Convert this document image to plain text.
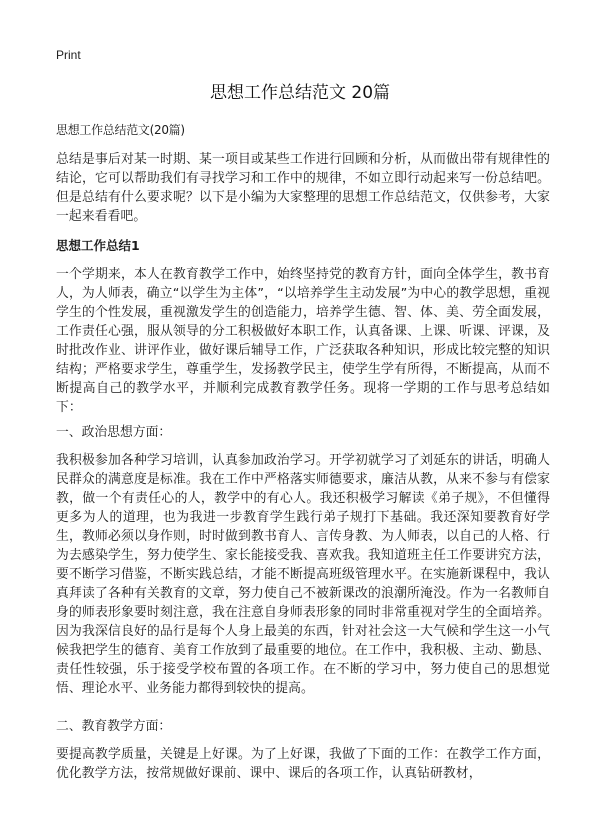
Print
思想工作总结范文 20篇
思想工作总结范文(20篇)

总结是事后对某一时期、某一项目或某些工作进行回顾和分析，从而做出带有规律性的结论，它可以帮助我们有寻找学习和工作中的规律，不如立即行动起来写一份总结吧。但是总结有什么要求呢？以下是小编为大家整理的思想工作总结范文，仅供参考，大家一起来看看吧。

思想工作总结1

一个学期来，本人在教育教学工作中，始终坚持党的教育方针，面向全体学生，教书育人，为人师表，确立“以学生为主体”，“以培养学生主动发展”为中心的教学思想，重视学生的个性发展，重视激发学生的创造能力，培养学生德、智、体、美、劳全面发展，工作责任心强，服从领导的分工积极做好本职工作，认真备课、上课、听课、评课，及时批改作业、讲评作业，做好课后辅导工作，广泛获取各种知识，形成比较完整的知识结构；严格要求学生，尊重学生，发扬教学民主，使学生学有所得，不断提高，从而不断提高自己的教学水平，并顺利完成教育教学任务。现将一学期的工作与思考总结如下：

一、政治思想方面：

我积极参加各种学习培训，认真参加政治学习。开学初就学习了刘延东的讲话，明确人民群众的满意度是标准。我在工作中严格落实师德要求，廉洁从教，从来不参与有偿家教，做一个有责任心的人，教学中的有心人。我还积极学习解读《弟子规》，不但懂得更多为人的道理，也为我进一步教育学生践行弟子规打下基础。我还深知要教育好学生，教师必须以身作则，时时做到教书育人、言传身教、为人师表，以自己的人格、行为去感染学生，努力使学生、家长能接受我、喜欢我。我知道班主任工作要讲究方法，要不断学习借鉴，不断实践总结，才能不断提高班级管理水平。在实施新课程中，我认真拜读了各种有关教育的文章，努力使自己不被新课改的浪潮所淹没。作为一名教师自身的师表形象要时刻注意，我在注意自身师表形象的同时非常重视对学生的全面培养。因为我深信良好的品行是每个人身上最美的东西，针对社会这一大气候和学生这一小气候我把学生的德育、美育工作放到了最重要的地位。在工作中，我积极、主动、勤恳、责任性较强，乐于接受学校布置的各项工作。在不断的学习中，努力使自己的思想觉悟、理论水平、业务能力都得到较快的提高。

二、教育教学方面：

要提高教学质量，关键是上好课。为了上好课，我做了下面的工作：在教学工作方面，优化教学方法，按常规做好课前、课中、课后的各项工作，认真钻研教材，
